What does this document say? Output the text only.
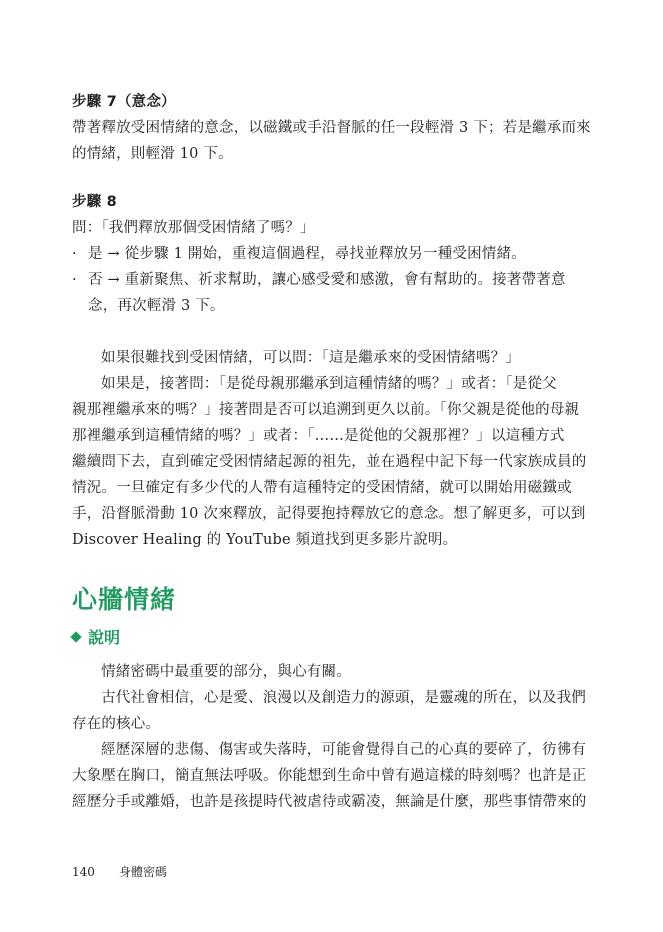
步驟 7（意念）
帶著釋放受困情緒的意念，以磁鐵或手沿督脈的任一段輕滑 3 下；若是繼承而來
的情緒，則輕滑 10 下。
步驟 8
問：「我們釋放那個受困情緒了嗎？」
· 是 → 從步驟 1 開始，重複這個過程，尋找並釋放另一種受困情緒。
· 否 → 重新聚焦、祈求幫助，讓心感受愛和感激，會有幫助的。接著帶著意
念，再次輕滑 3 下。
如果很難找到受困情緒，可以問：「這是繼承來的受困情緒嗎？」
如果是，接著問：「是從母親那繼承到這種情緒的嗎？」或者：「是從父
親那裡繼承來的嗎？」接著問是否可以追溯到更久以前。「你父親是從他的母親
那裡繼承到這種情緒的嗎？」或者：「……是從他的父親那裡？」以這種方式
繼續問下去，直到確定受困情緒起源的祖先，並在過程中記下每一代家族成員的
情況。一旦確定有多少代的人帶有這種特定的受困情緒，就可以開始用磁鐵或
手，沿督脈滑動 10 次來釋放，記得要抱持釋放它的意念。想了解更多，可以到
Discover Healing 的 YouTube 頻道找到更多影片說明。
心牆情緒
說明
情緒密碼中最重要的部分，與心有關。
古代社會相信，心是愛、浪漫以及創造力的源頭，是靈魂的所在，以及我們
存在的核心。
經歷深層的悲傷、傷害或失落時，可能會覺得自己的心真的要碎了，彷彿有
大象壓在胸口，簡直無法呼吸。你能想到生命中曾有過這樣的時刻嗎？也許是正
經歷分手或離婚，也許是孩提時代被虐待或霸凌，無論是什麼，那些事情帶來的
140 身體密碼
